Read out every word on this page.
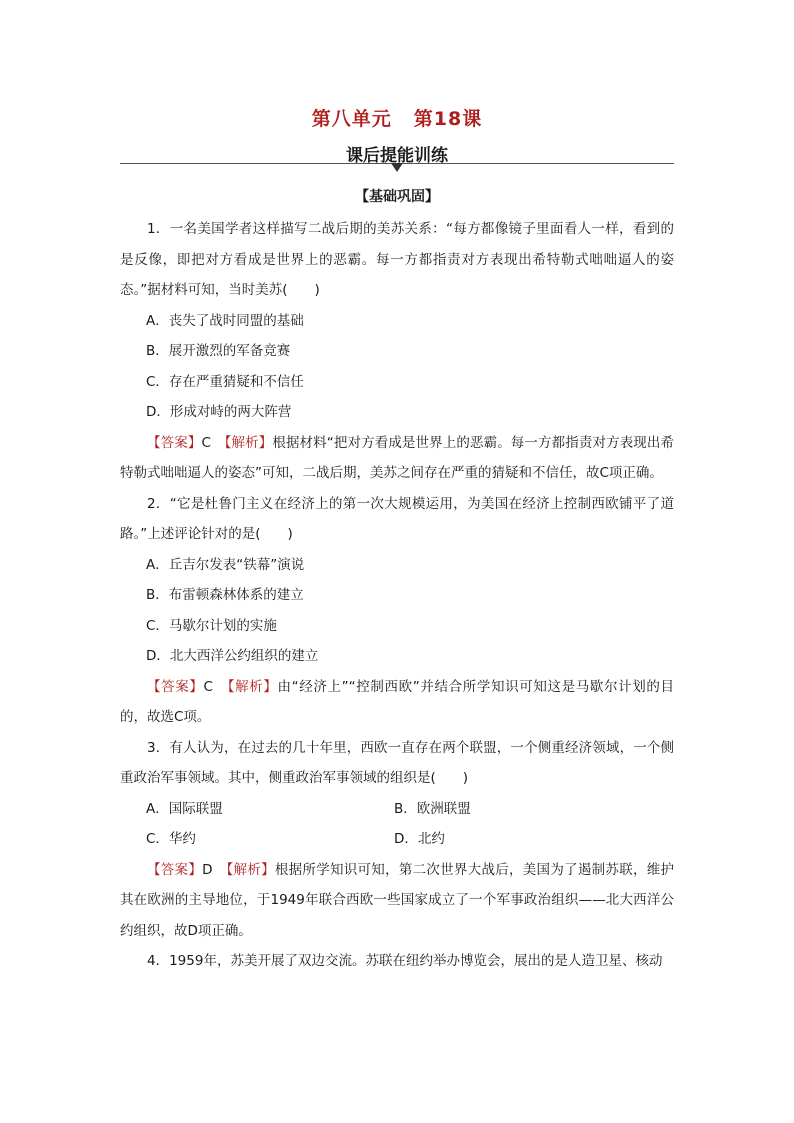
第八单元 第18课
课后提能训练
【基础巩固】

1．一名美国学者这样描写二战后期的美苏关系：“每方都像镜子里面看人一样，看到的是反像，即把对方看成是世界上的恶霸。每一方都指责对方表现出希特勒式咄咄逼人的姿态。”据材料可知，当时美苏(　　)

A．丧失了战时同盟的基础

B．展开激烈的军备竞赛

C．存在严重猜疑和不信任

D．形成对峙的两大阵营

【答案】C　 【解析】根据材料“把对方看成是世界上的恶霸。每一方都指责对方表现出希特勒式咄咄逼人的姿态”可知，二战后期，美苏之间存在严重的猜疑和不信任，故C项正确。

2．“它是杜鲁门主义在经济上的第一次大规模运用，为美国在经济上控制西欧铺平了道路。”上述评论针对的是(　　)

A．丘吉尔发表“铁幕”演说

B．布雷顿森林体系的建立

C．马歇尔计划的实施

D．北大西洋公约组织的建立

【答案】C　 【解析】由“经济上”“控制西欧”并结合所学知识可知这是马歇尔计划的目的，故选C项。

3．有人认为，在过去的几十年里，西欧一直存在两个联盟，一个侧重经济领域，一个侧重政治军事领域。其中，侧重政治军事领域的组织是(　　)

A．国际联盟	B．欧洲联盟
C．华约	D．北约

【答案】D　 【解析】根据所学知识可知，第二次世界大战后，美国为了遏制苏联，维护其在欧洲的主导地位，于1949年联合西欧一些国家成立了一个军事政治组织——北大西洋公约组织，故D项正确。

4．1959年，苏美开展了双边交流。苏联在纽约举办博览会，展出的是人造卫星、核动
